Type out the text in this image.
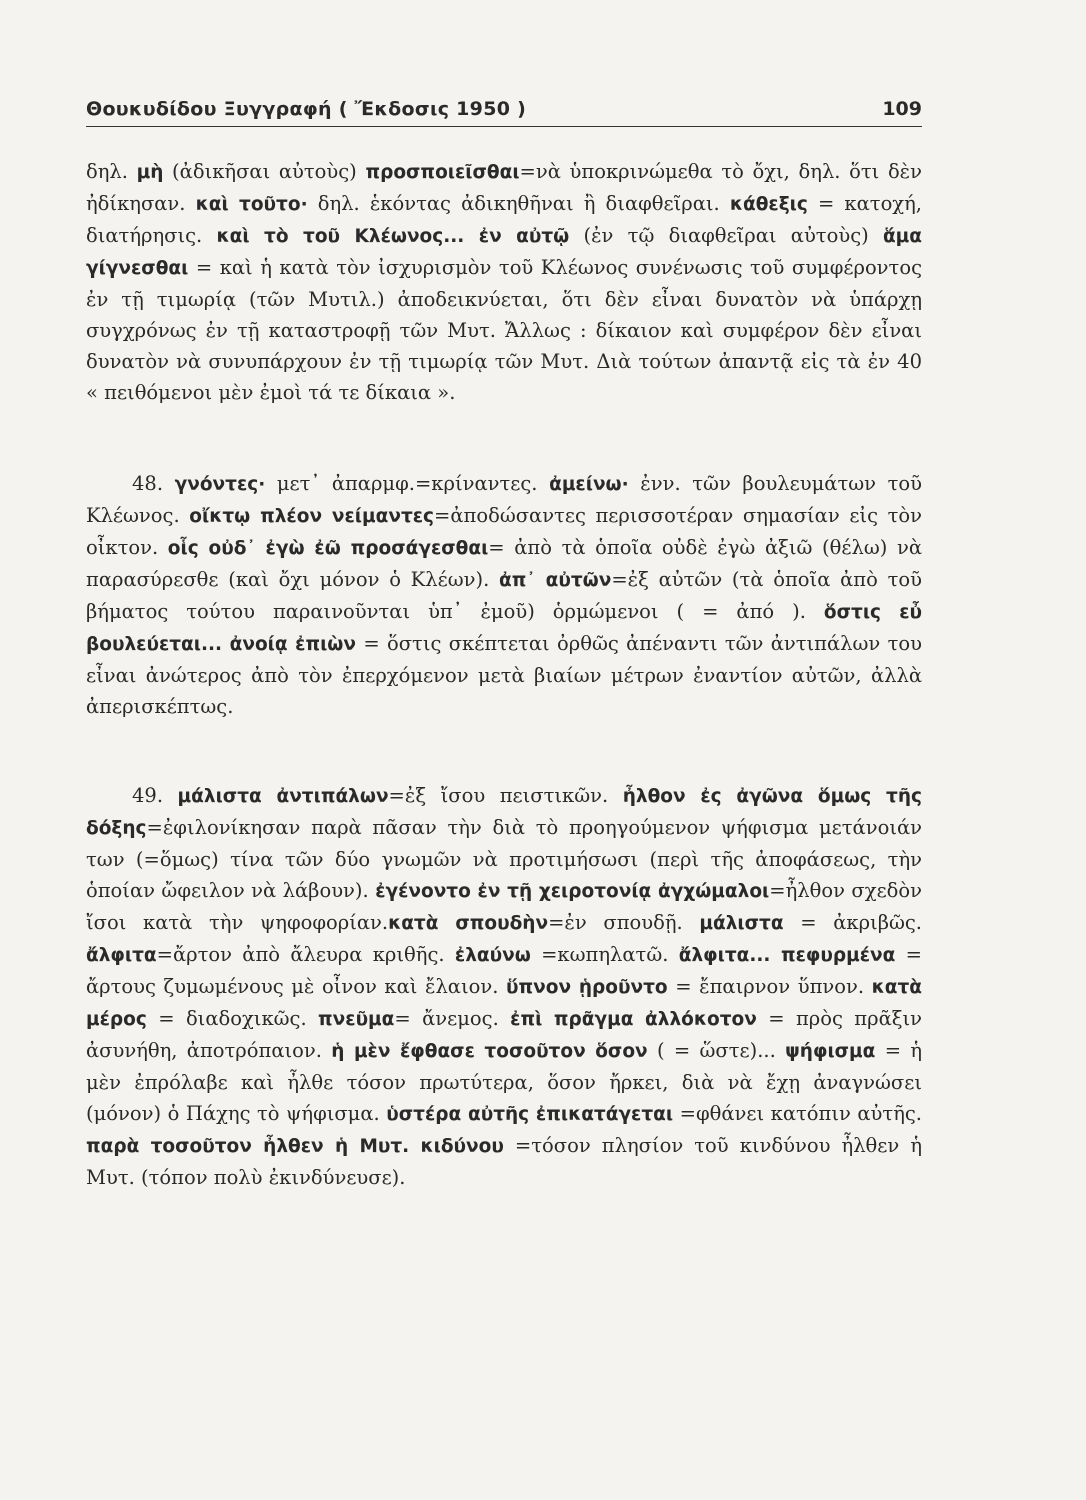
Θουκυδίδου Ξυγγραφή ( Ἔκδοσις 1950 )	109

δηλ. μὴ (ἀδικῆσαι αὐτοὺς) προσποιεῖσθαι=νὰ ὑποκρινώμεθα τὸ ὄχι, δηλ. ὅτι δὲν ἠδίκησαν. καὶ τοῦτο· δηλ. ἑκόντας ἀδικηθῆναι ἢ διαφθεῖραι. κάθεξις = κατοχή, διατήρησις. καὶ τὸ τοῦ Κλέωνος... ἐν αὐτῷ (ἐν τῷ διαφθεῖραι αὐτοὺς) ἅμα γίγνεσθαι = καὶ ἡ κατὰ τὸν ἰσχυρισμὸν τοῦ Κλέωνος συνένωσις τοῦ συμφέροντος ἐν τῇ τιμωρίᾳ (τῶν Μυτιλ.) ἀποδεικνύεται, ὅτι δὲν εἶναι δυνατὸν νὰ ὑπάρχῃ συγχρόνως ἐν τῇ καταστροφῇ τῶν Μυτ. Ἄλλως : δίκαιον καὶ συμφέρον δὲν εἶναι δυνατὸν νὰ συνυπάρχουν ἐν τῇ τιμωρίᾳ τῶν Μυτ. Διὰ τούτων ἀπαντᾷ εἰς τὰ ἐν 40 « πειθόμενοι μὲν ἐμοὶ τά τε δίκαια ».

48. γνόντες· μετ᾽ ἀπαρμφ.=κρίναντες. ἀμείνω· ἐνν. τῶν βουλευμάτων τοῦ Κλέωνος. οἴκτῳ πλέον νείμαντες=ἀποδώσαντες περισσοτέραν σημασίαν εἰς τὸν οἶκτον. οἷς οὐδ᾽ ἐγὼ ἐῶ προσάγεσθαι= ἀπὸ τὰ ὁποῖα οὐδὲ ἐγὼ ἀξιῶ (θέλω) νὰ παρασύρεσθε (καὶ ὄχι μόνον ὁ Κλέων). ἀπ᾽ αὐτῶν=ἐξ αὐτῶν (τὰ ὁποῖα ἀπὸ τοῦ βήματος τούτου παραινοῦνται ὑπ᾽ ἐμοῦ) ὁρμώμενοι ( = ἀπό ). ὅστις εὖ βουλεύεται... ἀνοίᾳ ἐπιὼν = ὅστις σκέπτεται ὀρθῶς ἀπέναντι τῶν ἀντιπάλων του εἶναι ἀνώτερος ἀπὸ τὸν ἐπερχόμενον μετὰ βιαίων μέτρων ἐναντίον αὐτῶν, ἀλλὰ ἀπερισκέπτως.

49. μάλιστα ἀντιπάλων=ἐξ ἴσου πειστικῶν. ἦλθον ἐς ἀγῶνα ὅμως τῆς δόξης=ἐφιλονίκησαν παρὰ πᾶσαν τὴν διὰ τὸ προηγούμενον ψήφισμα μετάνοιάν των (=ὅμως) τίνα τῶν δύο γνωμῶν νὰ προτιμήσωσι (περὶ τῆς ἀποφάσεως, τὴν ὁποίαν ὤφειλον νὰ λάβουν). ἐγένοντο ἐν τῇ χειροτονίᾳ ἀγχώμαλοι=ἦλθον σχεδὸν ἴσοι κατὰ τὴν ψηφοφορίαν.κατὰ σπουδὴν=ἐν σπουδῇ. μάλιστα = ἀκριβῶς. ἄλφιτα=ἄρτον ἀπὸ ἄλευρα κριθῆς. ἐλαύνω =κωπηλατῶ. ἄλφιτα... πεφυρμένα = ἄρτους ζυμωμένους μὲ οἶνον καὶ ἔλαιον. ὕπνον ᾑροῦντο = ἔπαιρνον ὕπνον. κατὰ μέρος = διαδοχικῶς. πνεῦμα= ἄνεμος. ἐπὶ πρᾶγμα ἀλλόκοτον = πρὸς πρᾶξιν ἀσυνήθη, ἀποτρόπαιον. ἡ μὲν ἔφθασε τοσοῦτον ὅσον ( = ὥστε)... ψήφισμα = ἡ μὲν ἐπρόλαβε καὶ ἦλθε τόσον πρωτύτερα, ὅσον ἤρκει, διὰ νὰ ἔχῃ ἀναγνώσει (μόνον) ὁ Πάχης τὸ ψήφισμα. ὑστέρα αὐτῆς ἐπικατάγεται =φθάνει κατόπιν αὐτῆς. παρὰ τοσοῦτον ἦλθεν ἡ Μυτ. κιδύνου =τόσον πλησίον τοῦ κινδύνου ἦλθεν ἡ Μυτ. (τόπον πολὺ ἐκινδύνευσε).
